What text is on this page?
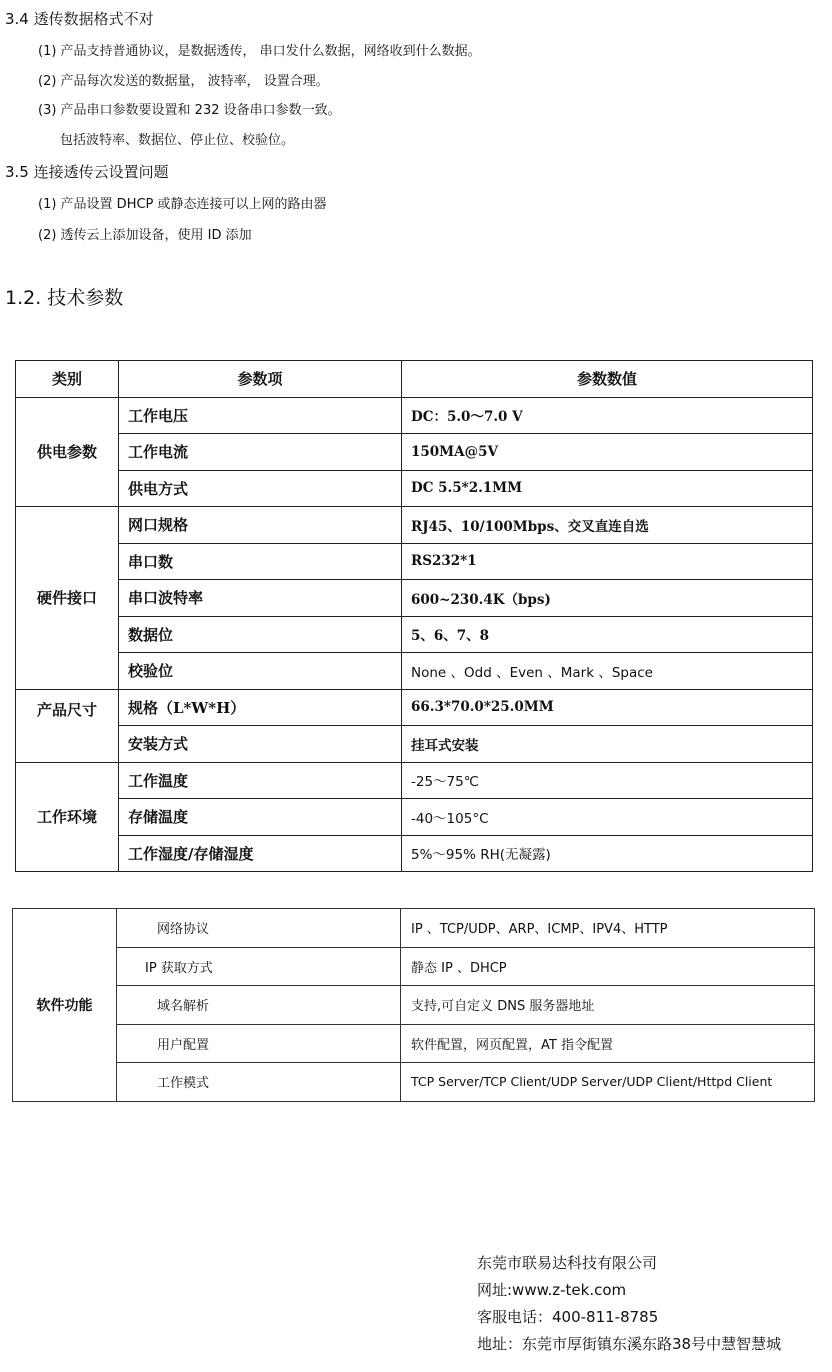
3.4 透传数据格式不对
(1) 产品支持普通协议，是数据透传， 串口发什么数据，网络收到什么数据。
(2) 产品每次发送的数据量， 波特率， 设置合理。
(3) 产品串口参数要设置和 232 设备串口参数一致。
包括波特率、数据位、停止位、校验位。
3.5 连接透传云设置问题
(1) 产品设置 DHCP 或静态连接可以上网的路由器
(2) 透传云上添加设备，使用 ID 添加
1.2. 技术参数
类别	参数项	参数数值
供电参数	工作电压	DC：5.0～7.0 V
	工作电流	150MA@5V
	供电方式	DC 5.5*2.1MM
硬件接口	网口规格	RJ45、10/100Mbps、交叉直连自选
	串口数	RS232*1
	串口波特率	600~230.4K（bps)
	数据位	5、6、7、8
	校验位	None 、Odd 、Even 、Mark 、Space
产品尺寸	规格（L*W*H）	66.3*70.0*25.0MM
	安装方式	挂耳式安装
工作环境	工作温度	-25～75℃
	存储温度	-40～105°C
	工作湿度/存储湿度	5%～95% RH(无凝露)
软件功能	网络协议	IP 、TCP/UDP、ARP、ICMP、IPV4、HTTP
	IP 获取方式	静态 IP 、DHCP
	域名解析	支持,可自定义 DNS 服务器地址
	用户配置	软件配置，网页配置，AT 指令配置
	工作模式	TCP Server/TCP Client/UDP Server/UDP Client/Httpd Client
东莞市联易达科技有限公司
网址:www.z-tek.com
客服电话：400-811-8785
地址：东莞市厚街镇东溪东路38号中慧智慧城
